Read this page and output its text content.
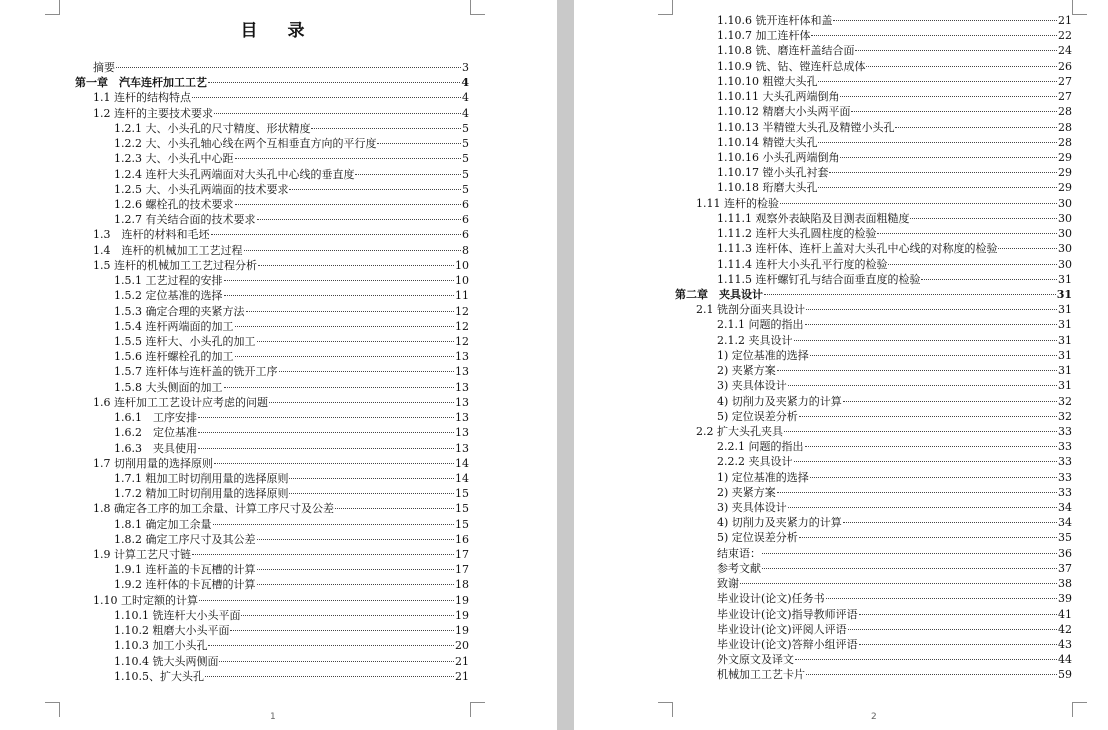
目 录
摘要	3
第一章　汽车连杆加工工艺	4
1.1 连杆的结构特点	4
1.2 连杆的主要技术要求	4
1.2.1 大、小头孔的尺寸精度、形状精度	5
1.2.2 大、小头孔轴心线在两个互相垂直方向的平行度	5
1.2.3 大、小头孔中心距	5
1.2.4 连杆大头孔两端面对大头孔中心线的垂直度	5
1.2.5 大、小头孔两端面的技术要求	5
1.2.6 螺栓孔的技术要求	6
1.2.7 有关结合面的技术要求	6
1.3　连杆的材料和毛坯	6
1.4　连杆的机械加工工艺过程	8
1.5 连杆的机械加工工艺过程分析	10
1.5.1 工艺过程的安排	10
1.5.2 定位基准的选择	11
1.5.3 确定合理的夹紧方法	12
1.5.4 连杆两端面的加工	12
1.5.5 连杆大、小头孔的加工	12
1.5.6 连杆螺栓孔的加工	13
1.5.7 连杆体与连杆盖的铣开工序	13
1.5.8 大头侧面的加工	13
1.6 连杆加工工艺设计应考虑的问题	13
1.6.1　工序安排	13
1.6.2　定位基准	13
1.6.3　夹具使用	13
1.7 切削用量的选择原则	14
1.7.1 粗加工时切削用量的选择原则	14
1.7.2 精加工时切削用量的选择原则	15
1.8 确定各工序的加工余量、计算工序尺寸及公差	15
1.8.1 确定加工余量	15
1.8.2 确定工序尺寸及其公差	16
1.9 计算工艺尺寸链	17
1.9.1 连杆盖的卡瓦槽的计算	17
1.9.2 连杆体的卡瓦槽的计算	18
1.10 工时定额的计算	19
1.10.1 铣连杆大小头平面	19
1.10.2 粗磨大小头平面	19
1.10.3 加工小头孔	20
1.10.4 铣大头两侧面	21
1.10.5、扩大头孔	21
1
1.10.6 铣开连杆体和盖	21
1.10.7 加工连杆体	22
1.10.8 铣、磨连杆盖结合面	24
1.10.9 铣、钻、镗连杆总成体	26
1.10.10 粗镗大头孔	27
1.10.11 大头孔两端倒角	27
1.10.12 精磨大小头两平面	28
1.10.13 半精镗大头孔及精镗小头孔	28
1.10.14 精镗大头孔	28
1.10.16 小头孔两端倒角	29
1.10.17 镗小头孔衬套	29
1.10.18 珩磨大头孔	29
1.11 连杆的检验	30
1.11.1 观察外表缺陷及目测表面粗糙度	30
1.11.2 连杆大头孔圆柱度的检验	30
1.11.3 连杆体、连杆上盖对大头孔中心线的对称度的检验	30
1.11.4 连杆大小头孔平行度的检验	30
1.11.5 连杆螺钉孔与结合面垂直度的检验	31
第二章　夹具设计	31
2.1 铣剖分面夹具设计	31
2.1.1 问题的指出	31
2.1.2 夹具设计	31
1) 定位基准的选择	31
2) 夹紧方案	31
3) 夹具体设计	31
4) 切削力及夹紧力的计算	32
5) 定位误差分析	32
2.2 扩大头孔夹具	33
2.2.1 问题的指出	33
2.2.2 夹具设计	33
1) 定位基准的选择	33
2) 夹紧方案	33
3) 夹具体设计	34
4) 切削力及夹紧力的计算	34
5) 定位误差分析	35
结束语：	36
参考文献	37
致谢	38
毕业设计(论文)任务书	39
毕业设计(论文)指导教师评语	41
毕业设计(论文)评阅人评语	42
毕业设计(论文)答辩小组评语	43
外文原文及译文	44
机械加工工艺卡片	59
2
